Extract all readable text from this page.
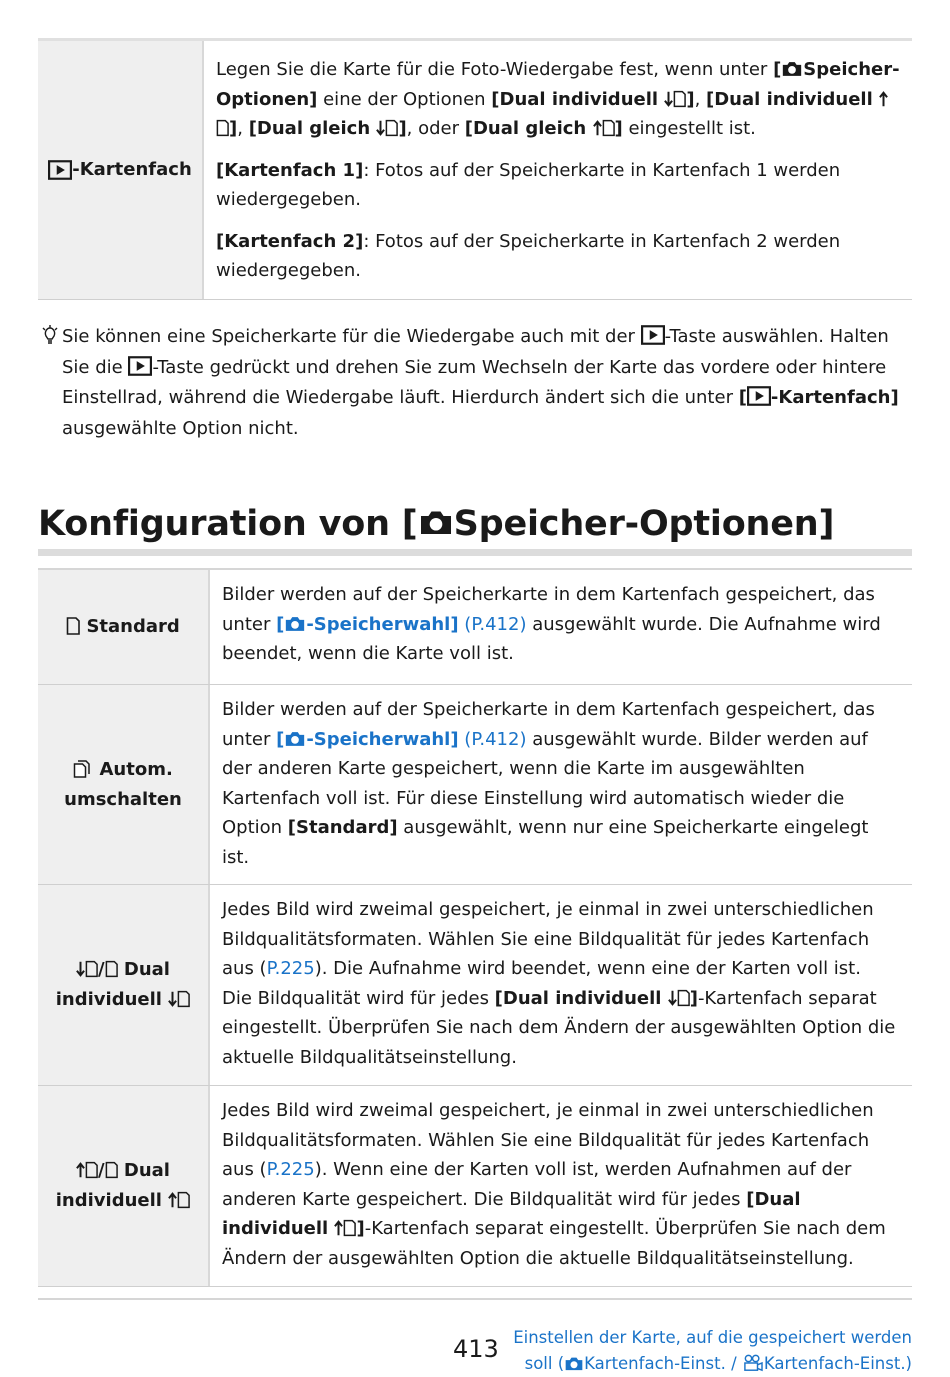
-Kartenfach

Legen Sie die Karte für die Foto-Wiedergabe fest, wenn unter [ Speicher-Optionen] eine der Optionen [Dual individuell ], [Dual individuell ], [Dual gleich ], oder [Dual gleich ] eingestellt ist.

[Kartenfach 1]: Fotos auf der Speicherkarte in Kartenfach 1 werden wiedergegeben.

[Kartenfach 2]: Fotos auf der Speicherkarte in Kartenfach 2 werden wiedergegeben.

Sie können eine Speicherkarte für die Wiedergabe auch mit der -Taste auswählen. Halten Sie die -Taste gedrückt und drehen Sie zum Wechseln der Karte das vordere oder hintere Einstellrad, während die Wiedergabe läuft. Hierdurch ändert sich die unter [ -Kartenfach] ausgewählte Option nicht.

Konfiguration von [ Speicher-Optionen]
Standard

Bilder werden auf der Speicherkarte in dem Kartenfach gespeichert, das unter [ -Speicherwahl] (P.412) ausgewählt wurde. Die Aufnahme wird beendet, wenn die Karte voll ist.

Autom.
umschalten

Bilder werden auf der Speicherkarte in dem Kartenfach gespeichert, das unter [ -Speicherwahl] (P.412) ausgewählt wurde. Bilder werden auf der anderen Karte gespeichert, wenn die Karte im ausgewählten Kartenfach voll ist. Für diese Einstellung wird automatisch wieder die Option [Standard] ausgewählt, wenn nur eine Speicherkarte eingelegt ist.

/ Dual
individuell

Jedes Bild wird zweimal gespeichert, je einmal in zwei unterschiedlichen Bildqualitätsformaten. Wählen Sie eine Bildqualität für jedes Kartenfach aus (P.225). Die Aufnahme wird beendet, wenn eine der Karten voll ist.
Die Bildqualität wird für jedes [Dual individuell ]-Kartenfach separat eingestellt. Überprüfen Sie nach dem Ändern der ausgewählten Option die aktuelle Bildqualitätseinstellung.

/ Dual
individuell

Jedes Bild wird zweimal gespeichert, je einmal in zwei unterschiedlichen Bildqualitätsformaten. Wählen Sie eine Bildqualität für jedes Kartenfach aus (P.225). Wenn eine der Karten voll ist, werden Aufnahmen auf der anderen Karte gespeichert. Die Bildqualität wird für jedes [Dual individuell ]-Kartenfach separat eingestellt. Überprüfen Sie nach dem Ändern der ausgewählten Option die aktuelle Bildqualitätseinstellung.

413 Einstellen der Karte, auf die gespeichert werden
soll ( Kartenfach-Einst. / Kartenfach-Einst.)
